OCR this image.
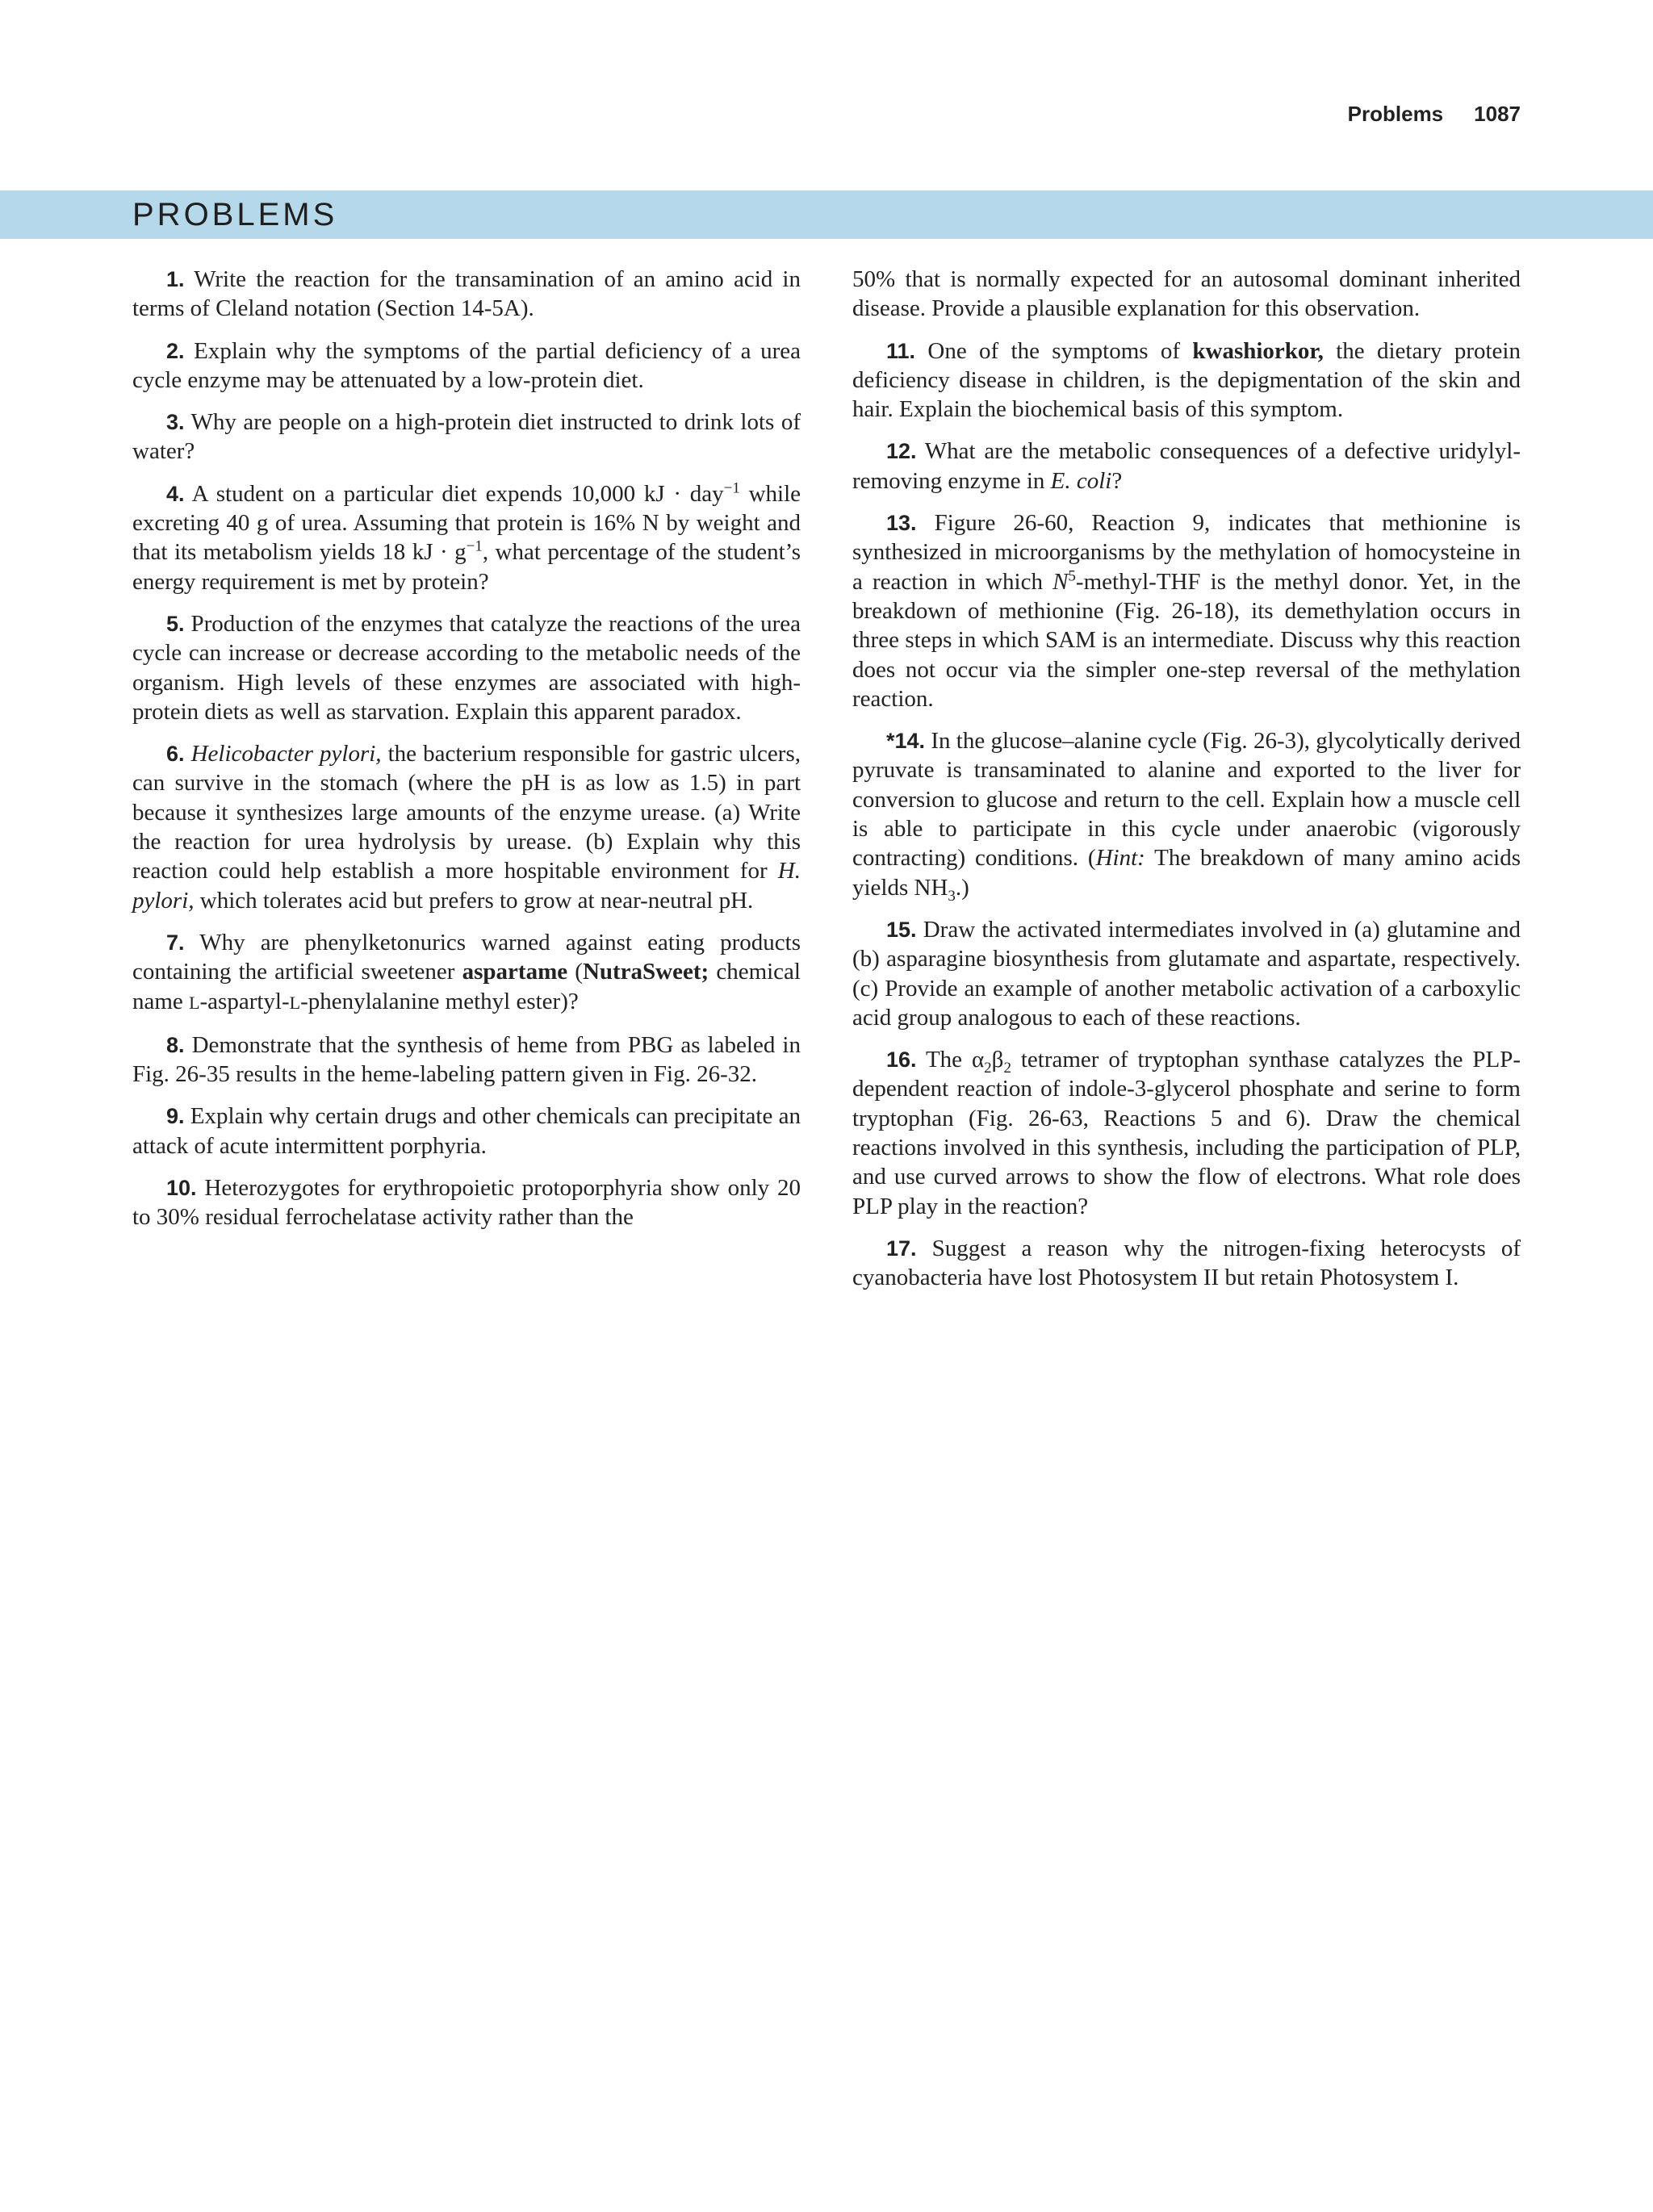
Problems 1087
PROBLEMS

1. Write the reaction for the transamination of an amino acid in terms of Cleland notation (Section 14-5A).

2. Explain why the symptoms of the partial deficiency of a urea cycle enzyme may be attenuated by a low-protein diet.

3. Why are people on a high-protein diet instructed to drink lots of water?

4. A student on a particular diet expends 10,000 kJ · day$^{-1}$ while excreting 40 g of urea. Assuming that protein is 16% N by weight and that its metabolism yields 18 kJ · $g^{-1}$, what percentage of the student’s energy requirement is met by protein?

5. Production of the enzymes that catalyze the reactions of the urea cycle can increase or decrease according to the metabolic needs of the organism. High levels of these enzymes are associated with high-protein diets as well as starvation. Explain this apparent paradox.

6. Helicobacter pylori, the bacterium responsible for gastric ulcers, can survive in the stomach (where the pH is as low as 1.5) in part because it synthesizes large amounts of the enzyme urease. (a) Write the reaction for urea hydrolysis by urease. (b) Explain why this reaction could help establish a more hospitable environment for H. pylori, which tolerates acid but prefers to grow at near-neutral pH.

7. Why are phenylketonurics warned against eating products containing the artificial sweetener aspartame (NutraSweet; chemical name L-aspartyl-L-phenylalanine methyl ester)?

8. Demonstrate that the synthesis of heme from PBG as labeled in Fig. 26-35 results in the heme-labeling pattern given in Fig. 26-32.

9. Explain why certain drugs and other chemicals can precipitate an attack of acute intermittent porphyria.

10. Heterozygotes for erythropoietic protoporphyria show only 20 to 30% residual ferrochelatase activity rather than the

50% that is normally expected for an autosomal dominant inherited disease. Provide a plausible explanation for this observation.

11. One of the symptoms of kwashiorkor, the dietary protein deficiency disease in children, is the depigmentation of the skin and hair. Explain the biochemical basis of this symptom.

12. What are the metabolic consequences of a defective uridylyl-removing enzyme in E. coli?

13. Figure 26-60, Reaction 9, indicates that methionine is synthesized in microorganisms by the methylation of homocysteine in a reaction in which $N^5-methyl$-THF is the methyl donor. Yet, in the breakdown of methionine (Fig. 26-18), its demethylation occurs in three steps in which SAM is an intermediate. Discuss why this reaction does not occur via the simpler one-step reversal of the methylation reaction.

*14. In the glucose–alanine cycle (Fig. 26-3), glycolytically derived pyruvate is transaminated to alanine and exported to the liver for conversion to glucose and return to the cell. Explain how a muscle cell is able to participate in this cycle under anaerobic (vigorously contracting) conditions. (Hint: The breakdown of many amino acids yields $NH_3$.)

15. Draw the activated intermediates involved in (a) glutamine and (b) asparagine biosynthesis from glutamate and aspartate, respectively. (c) Provide an example of another metabolic activation of a carboxylic acid group analogous to each of these reactions.

16. The $\alpha_2\beta_2$ tetramer of tryptophan synthase catalyzes the PLP-dependent reaction of indole-3-glycerol phosphate and serine to form tryptophan (Fig. 26-63, Reactions 5 and 6). Draw the chemical reactions involved in this synthesis, including the participation of PLP, and use curved arrows to show the flow of electrons. What role does PLP play in the reaction?

17. Suggest a reason why the nitrogen-fixing heterocysts of cyanobacteria have lost Photosystem II but retain Photosystem I.
